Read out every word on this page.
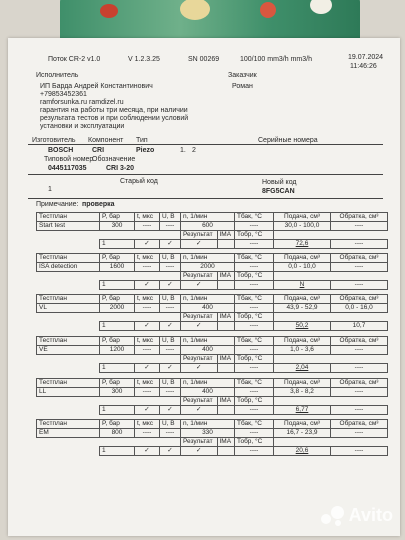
Поток CR-2 v1.0	V 1.2.3.25	SN 00269	100/100 mm3/h mm3/h	19.07.2024
11:46:26
Исполнитель
ИП Барда Андрей Константинович
+79853452361
ramforsunka.ru ramdizel.ru
гарантия на работы три месяца, при наличии
результата тестов и при соблюдении условий
установки и эксплуатации
Заказчик
Роман
Изготовитель Компонент Тип	Серийные номера
BOSCH	CRI	Piezo	1. 2
Типовой номер
Обозначение
0445117035	CRI 3-20
Старый код	Новый код
1	8FG5CAN
Примечание: проверка
Тестплан	P, бар	t, мкс	U, B	n, 1/мин		Tбак, °C	Подача, см³	Обратка, см³
Start test	300	----	----	600		----	30,0 - 100,0	----
				Результат	IMA	Тобр, °C		
	1	✓	✓	✓		----	72,6	----
Тестплан	P, бар	t, мкс	U, B	n, 1/мин		Tбак, °C	Подача, см³	Обратка, см³
ISA detection	1600	----	----	2000		----	0,0 - 10,0	----
				Результат	IMA	Тобр, °C		
	1	✓	✓	✓		----	N	----
Тестплан	P, бар	t, мкс	U, B	n, 1/мин		Tбак, °C	Подача, см³	Обратка, см³
VL	2000	----	----	400		----	43,9 - 52,9	0,0 - 16,0
				Результат	IMA	Тобр, °C		
	1	✓	✓	✓		----	50,2	10,7
Тестплан	P, бар	t, мкс	U, B	n, 1/мин		Tбак, °C	Подача, см³	Обратка, см³
VE	1200	----	----	400		----	1,0 - 3,6	----
				Результат	IMA	Тобр, °C		
	1	✓	✓	✓		----	2,04	----
Тестплан	P, бар	t, мкс	U, B	n, 1/мин		Tбак, °C	Подача, см³	Обратка, см³
LL	300	----	----	400		----	3,8 - 8,2	----
				Результат	IMA	Тобр, °C		
	1	✓	✓	✓		----	6,77	----
Тестплан	P, бар	t, мкс	U, B	n, 1/мин		Tбак, °C	Подача, см³	Обратка, см³
EM	800	----	----	330		----	16,7 - 23,9	----
				Результат	IMA	Тобр, °C		
	1	✓	✓	✓		----	20,6	----
Avito
